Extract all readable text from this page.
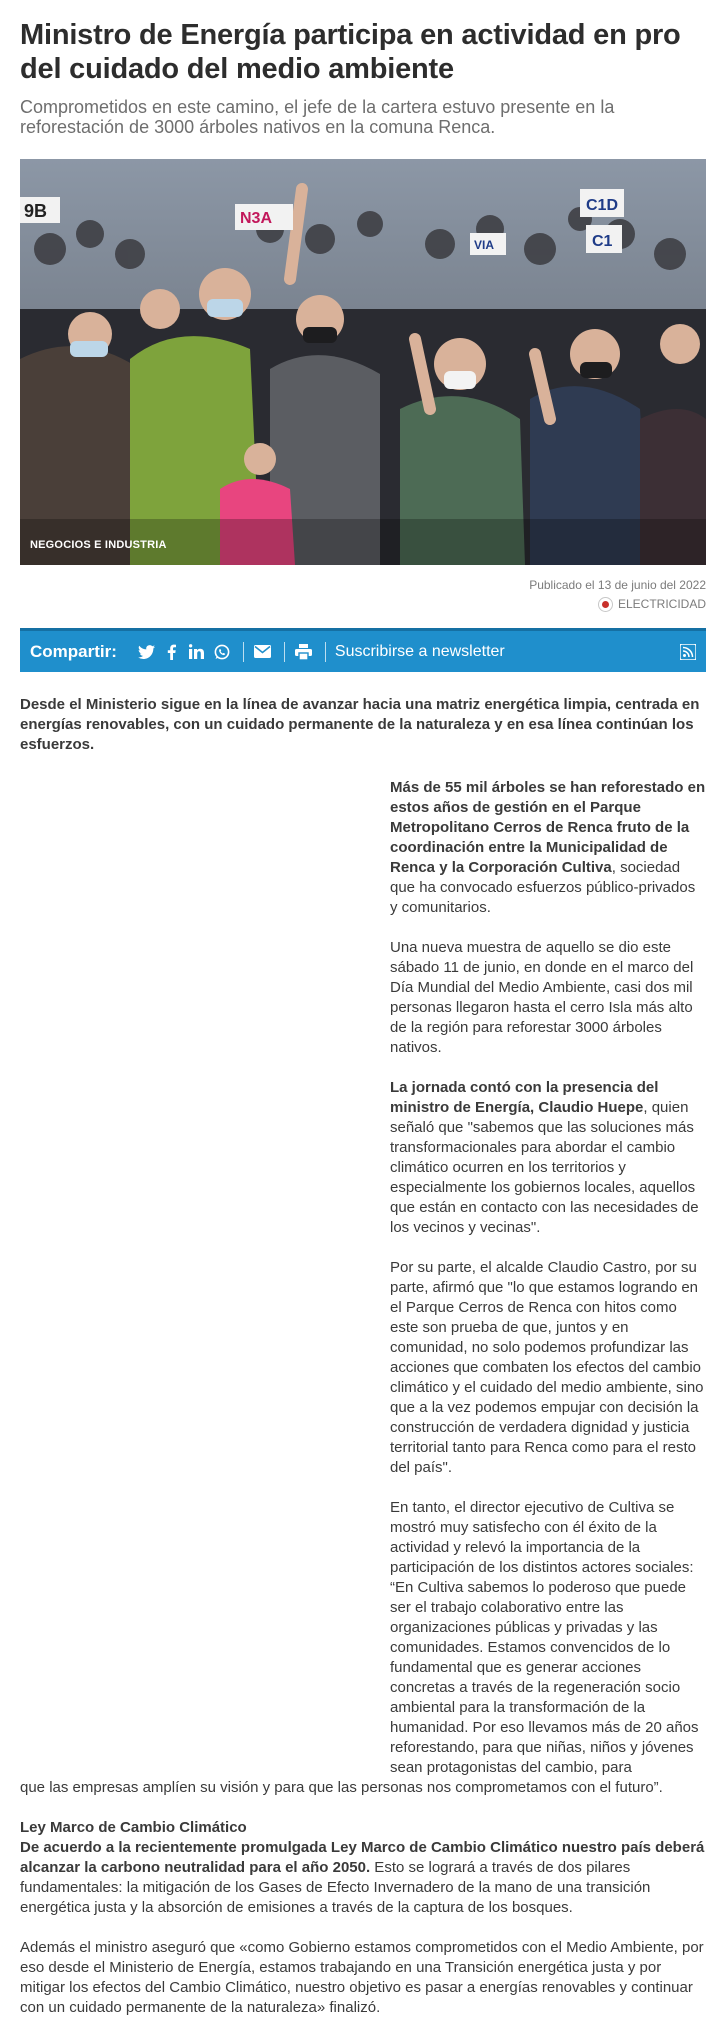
Ministro de Energía participa en actividad en pro del cuidado del medio ambiente

Comprometidos en este camino, el jefe de la cartera estuvo presente en la reforestación de 3000 árboles nativos en la comuna Renca.

9B	N3A
C1D
C1
VIA
NEGOCIOS E INDUSTRIA
Publicado el 13 de junio del 2022
ELECTRICIDAD
Compartir:	Suscribirse a newsletter

Desde el Ministerio sigue en la línea de avanzar hacia una matriz energética limpia, centrada en energías renovables, con un cuidado permanente de la naturaleza y en esa línea continúan los esfuerzos.

Más de 55 mil árboles se han reforestado en estos años de gestión en el Parque Metropolitano Cerros de Renca fruto de la coordinación entre la Municipalidad de Renca y la Corporación Cultiva, sociedad que ha convocado esfuerzos público-privados y comunitarios.

Una nueva muestra de aquello se dio este sábado 11 de junio, en donde en el marco del Día Mundial del Medio Ambiente, casi dos mil personas llegaron hasta el cerro Isla más alto de la región para reforestar 3000 árboles nativos.

La jornada contó con la presencia del ministro de Energía, Claudio Huepe, quien señaló que "sabemos que las soluciones más transformacionales para abordar el cambio climático ocurren en los territorios y especialmente los gobiernos locales, aquellos que están en contacto con las necesidades de los vecinos y vecinas".

Por su parte, el alcalde Claudio Castro, por su parte, afirmó que "lo que estamos logrando en el Parque Cerros de Renca con hitos como este son prueba de que, juntos y en comunidad, no solo podemos profundizar las acciones que combaten los efectos del cambio climático y el cuidado del medio ambiente, sino que a la vez podemos empujar con decisión la construcción de verdadera dignidad y justicia territorial tanto para Renca como para el resto del país".

En tanto, el director ejecutivo de Cultiva se mostró muy satisfecho con él éxito de la actividad y relevó la importancia de la participación de los distintos actores sociales: “En Cultiva sabemos lo poderoso que puede ser el trabajo colaborativo entre las organizaciones públicas y privadas y las comunidades. Estamos convencidos de lo fundamental que es generar acciones concretas a través de la regeneración socio ambiental para la transformación de la humanidad. Por eso llevamos más de 20 años reforestando, para que niñas, niños y jóvenes sean protagonistas del cambio, para

que las empresas amplíen su visión y para que las personas nos comprometamos con el futuro”.

Ley Marco de Cambio Climático

De acuerdo a la recientemente promulgada Ley Marco de Cambio Climático nuestro país deberá alcanzar la carbono neutralidad para el año 2050. Esto se logrará a través de dos pilares fundamentales: la mitigación de los Gases de Efecto Invernadero de la mano de una transición energética justa y la absorción de emisiones a través de la captura de los bosques.

Además el ministro aseguró que «como Gobierno estamos comprometidos con el Medio Ambiente, por eso desde el Ministerio de Energía, estamos trabajando en una Transición energética justa y por mitigar los efectos del Cambio Climático, nuestro objetivo es pasar a energías renovables y continuar con un cuidado permanente de la naturaleza» finalizó.
